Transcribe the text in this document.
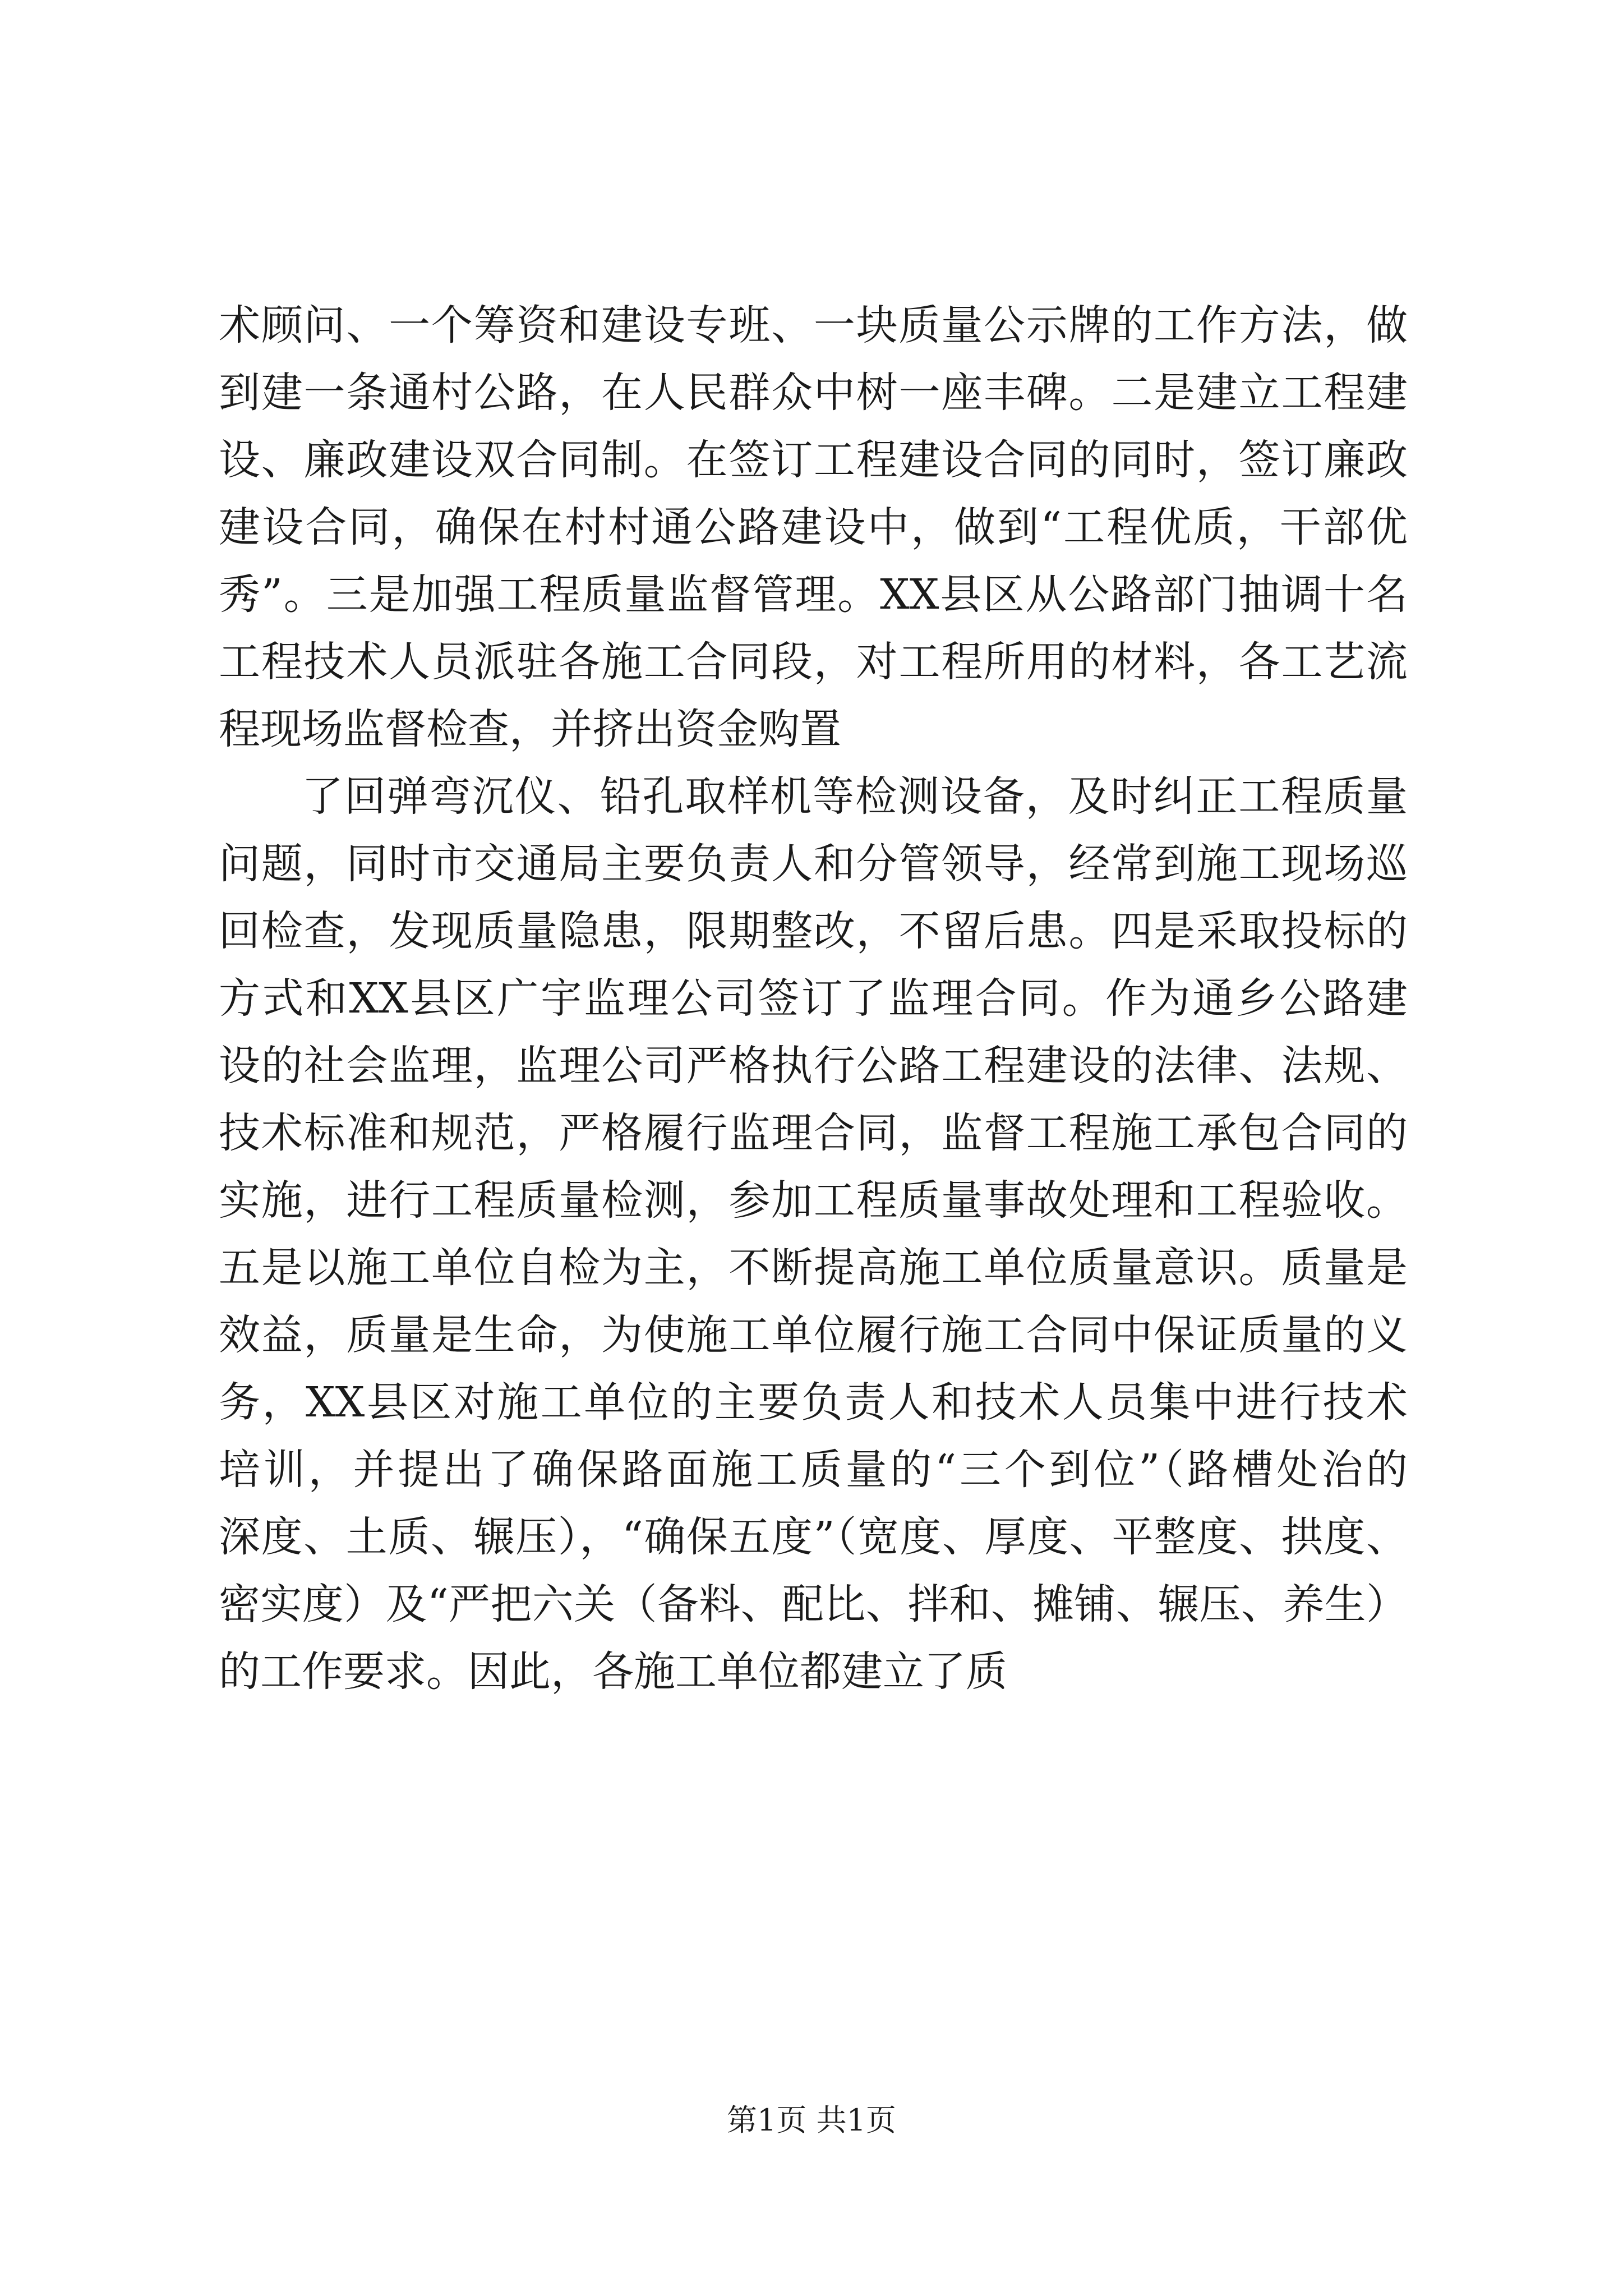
术顾问、一个筹资和建设专班、一块质量公示牌的工作方法，做
到建一条通村公路，在人民群众中树一座丰碑。二是建立工程建
设、廉政建设双合同制。在签订工程建设合同的同时，签订廉政
建设合同，确保在村村通公路建设中，做到“工程优质，干部优
秀”。三是加强工程质量监督管理。XX县区从公路部门抽调十名
工程技术人员派驻各施工合同段，对工程所用的材料，各工艺流
程现场监督检查，并挤出资金购置
了回弹弯沉仪、铅孔取样机等检测设备，及时纠正工程质量
问题，同时市交通局主要负责人和分管领导，经常到施工现场巡
回检查，发现质量隐患，限期整改，不留后患。四是采取投标的
方式和XX县区广宇监理公司签订了监理合同。作为通乡公路建
设的社会监理，监理公司严格执行公路工程建设的法律、法规、
技术标准和规范，严格履行监理合同，监督工程施工承包合同的
实施，进行工程质量检测，参加工程质量事故处理和工程验收。
五是以施工单位自检为主，不断提高施工单位质量意识。质量是
效益，质量是生命，为使施工单位履行施工合同中保证质量的义
务，XX县区对施工单位的主要负责人和技术人员集中进行技术
培训，并提出了确保路面施工质量的“三个到位”（路槽处治的
深度、土质、辗压），“确保五度”（宽度、厚度、平整度、拱度、
密实度）及“严把六关（备料、配比、拌和、摊铺、辗压、养生）
的工作要求。因此，各施工单位都建立了质
第1页 共1页
